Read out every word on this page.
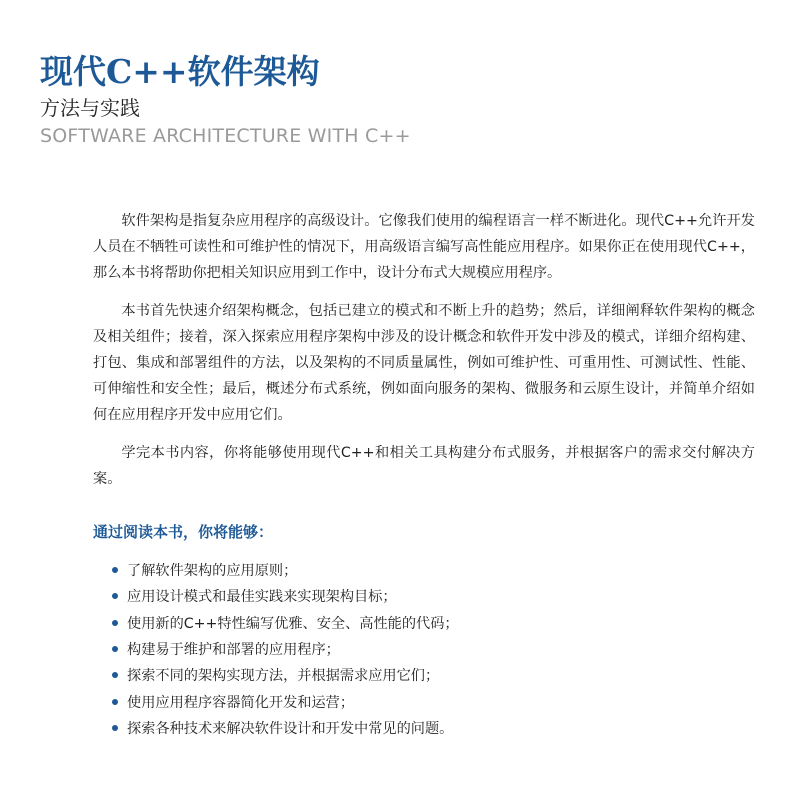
现代C++软件架构
方法与实践
SOFTWARE ARCHITECTURE WITH C++

软件架构是指复杂应用程序的高级设计。它像我们使用的编程语言一样不断进化。现代C++允许开发人员在不牺牲可读性和可维护性的情况下，用高级语言编写高性能应用程序。如果你正在使用现代C++，那么本书将帮助你把相关知识应用到工作中，设计分布式大规模应用程序。

本书首先快速介绍架构概念，包括已建立的模式和不断上升的趋势；然后，详细阐释软件架构的概念及相关组件；接着，深入探索应用程序架构中涉及的设计概念和软件开发中涉及的模式，详细介绍构建、打包、集成和部署组件的方法，以及架构的不同质量属性，例如可维护性、可重用性、可测试性、性能、可伸缩性和安全性；最后，概述分布式系统，例如面向服务的架构、微服务和云原生设计，并简单介绍如何在应用程序开发中应用它们。

学完本书内容，你将能够使用现代C++和相关工具构建分布式服务，并根据客户的需求交付解决方案。

通过阅读本书，你将能够：
了解软件架构的应用原则；
应用设计模式和最佳实践来实现架构目标；
使用新的C++特性编写优雅、安全、高性能的代码；
构建易于维护和部署的应用程序；
探索不同的架构实现方法，并根据需求应用它们；
使用应用程序容器简化开发和运营；
探索各种技术来解决软件设计和开发中常见的问题。
